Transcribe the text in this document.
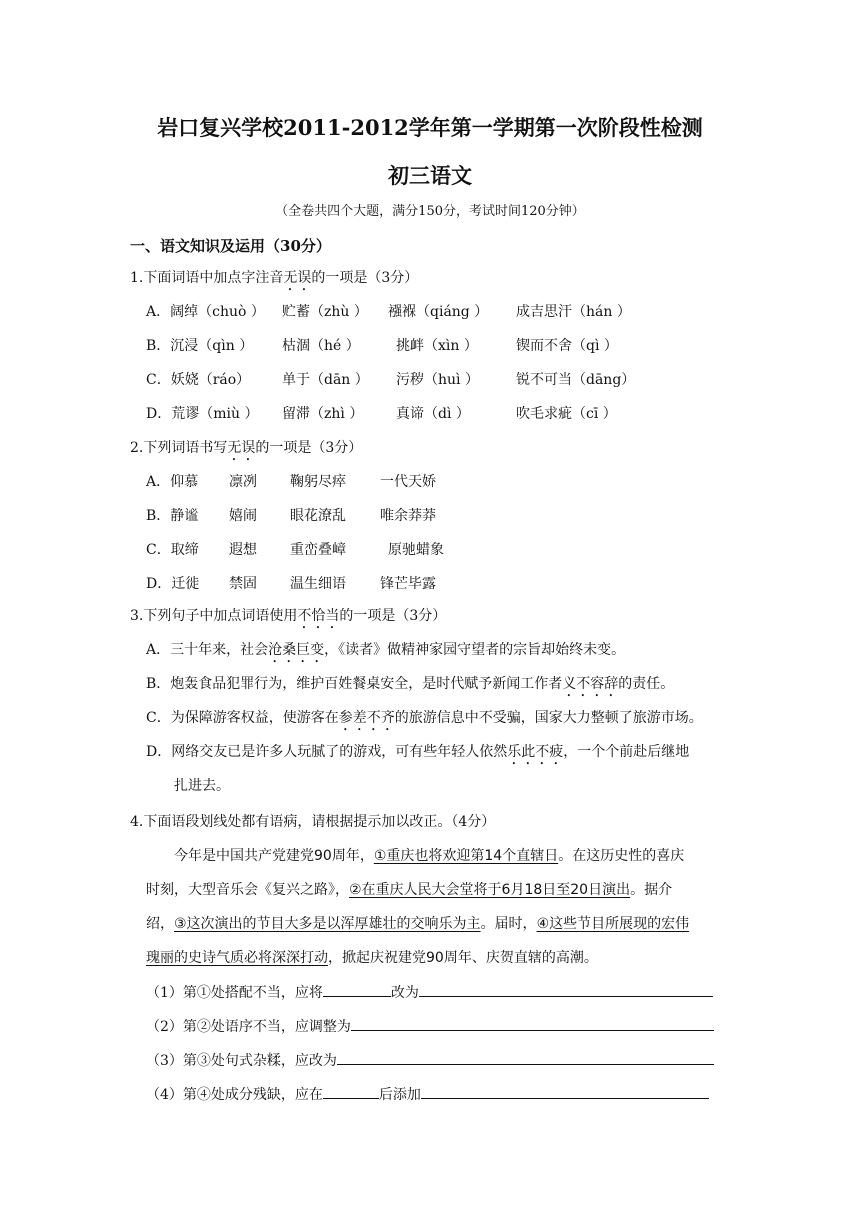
岩口复兴学校2011-2012学年第一学期第一次阶段性检测
初三语文
（全卷共四个大题，满分150分，考试时间120分钟）
一、语文知识及运用（30分）
1.下面词语中加点字注音无误的一项是（3分）
A．阔绰（chuò ） 贮蓄（zhù ） 襁褓（qiáng ） 成吉思汗（hán ）
B．沉浸（qìn ） 枯涸（hé ）	挑衅（xìn ）	锲而不舍（qì ）
C．妖娆（ráo） 单于（dān ） 污秽（huì ）	锐不可当（dāng）
D．荒谬（miù ） 留滞（zhì ） 真谛（dì ）	吹毛求疵（cī ）
2.下列词语书写无误的一项是（3分）
A．仰慕 凛冽 鞠躬尽瘁 一代天娇
B．静谧 嬉闹 眼花潦乱 唯余莽莽
C．取缔 遐想 重峦叠嶂	原驰蜡象
D．迁徙 禁固 温生细语 锋芒毕露
3.下列句子中加点词语使用不恰当的一项是（3分）
A．三十年来，社会沧桑巨变，《读者》做精神家园守望者的宗旨却始终未变。
B．炮轰食品犯罪行为，维护百姓餐桌安全，是时代赋予新闻工作者义不容辞的责任。
C．为保障游客权益，使游客在参差不齐的旅游信息中不受骗，国家大力整顿了旅游市场。
D．网络交友已是许多人玩腻了的游戏，可有些年轻人依然乐此不疲，一个个前赴后继地
扎进去。
4.下面语段划线处都有语病，请根据提示加以改正。（4分）
今年是中国共产党建党90周年，①重庆也将欢迎第14个直辖日。在这历史性的喜庆
时刻，大型音乐会《复兴之路》，②在重庆人民大会堂将于6月18日至20日演出。据介
绍，③这次演出的节目大多是以浑厚雄壮的交响乐为主。届时，④这些节目所展现的宏伟
瑰丽的史诗气质必将深深打动，掀起庆祝建党90周年、庆贺直辖的高潮。
（1）第①处搭配不当，应将	改为
（2）第②处语序不当，应调整为
（3）第③处句式杂糅，应改为
（4）第④处成分残缺，应在	后添加
